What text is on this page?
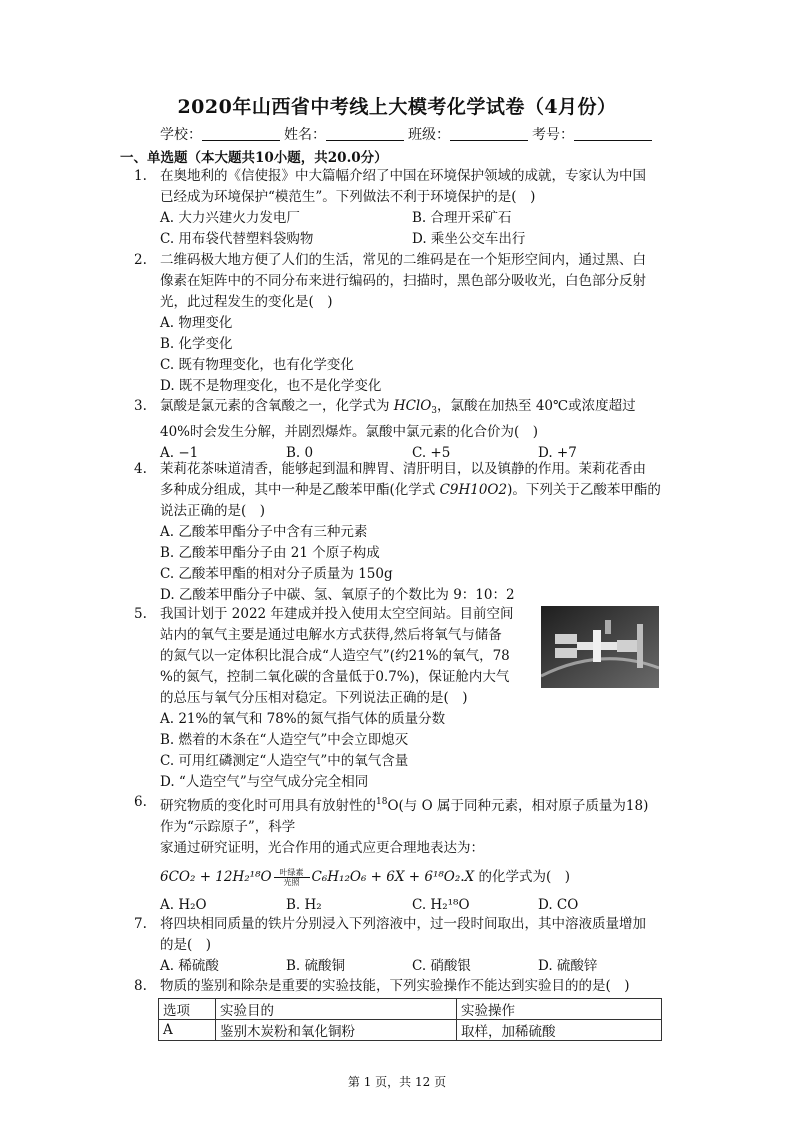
2020年山西省中考线上大模考化学试卷（4月份）
学校：	姓名：	班级：	考号：
一、单选题（本大题共10小题，共20.0分）
1. 在奥地利的《信使报》中大篇幅介绍了中国在环境保护领域的成就，专家认为中国
已经成为环境保护“模范生”。下列做法不利于环境保护的是(　)
A. 大力兴建火力发电厂	B. 合理开采矿石
C. 用布袋代替塑料袋购物	D. 乘坐公交车出行
2. 二维码极大地方便了人们的生活，常见的二维码是在一个矩形空间内，通过黑、白
像素在矩阵中的不同分布来进行编码的，扫描时，黑色部分吸收光，白色部分反射
光，此过程发生的变化是(　)
A. 物理变化
B. 化学变化
C. 既有物理变化，也有化学变化
D. 既不是物理变化，也不是化学变化
3. 氯酸是氯元素的含氧酸之一，化学式为 HClO$_3$，氯酸在加热至 40℃或浓度超过
40%时会发生分解，并剧烈爆炸。氯酸中氯元素的化合价为(　)
A. −1	B. 0	C. +5	D. +7
4. 茉莉花茶味道清香，能够起到温和脾胃、清肝明目，以及镇静的作用。茉莉花香由
多种成分组成，其中一种是乙酸苯甲酯(化学式 C9H10O2)。下列关于乙酸苯甲酯的
说法正确的是(　)
A. 乙酸苯甲酯分子中含有三种元素
B. 乙酸苯甲酯分子由 21 个原子构成
C. 乙酸苯甲酯的相对分子质量为 150g
D. 乙酸苯甲酯分子中碳、氢、氧原子的个数比为 9：10：2
5. 我国计划于 2022 年建成并投入使用太空空间站。目前空间
站内的氧气主要是通过电解水方式获得,然后将氧气与储备
的氮气以一定体积比混合成“人造空气”(约21%的氧气，78
%的氮气，控制二氧化碳的含量低于0.7%)，保证舱内大气
的总压与氧气分压相对稳定。下列说法正确的是(　)
A. 21%的氧气和 78%的氮气指气体的质量分数
B. 燃着的木条在“人造空气”中会立即熄灭
C. 可用红磷测定“人造空气”中的氧气含量
D. “人造空气”与空气成分完全相同
6. 研究物质的变化时可用具有放射性的$^{18}$O(与 O 属于同种元素，相对原子质量为18)
作为“示踪原子”，科学
家通过研究证明，光合作用的通式应更合理地表达为：
6CO₂ + 12H₂¹⁸O 叶绿素
光照 C₆H₁₂O₆ + 6X + 6¹⁸O₂.X 的化学式为(　)
A. H₂O	B. H₂	C. H₂¹⁸O	D. CO
7. 将四块相同质量的铁片分别浸入下列溶液中，过一段时间取出，其中溶液质量增加
的是(　)
A. 稀硫酸	B. 硫酸铜	C. 硝酸银	D. 硫酸锌
8. 物质的鉴别和除杂是重要的实验技能，下列实验操作不能达到实验目的的是(　)
选项	实验目的	实验操作
A	鉴别木炭粉和氧化铜粉	取样，加稀硫酸
第 1 页，共 12 页
